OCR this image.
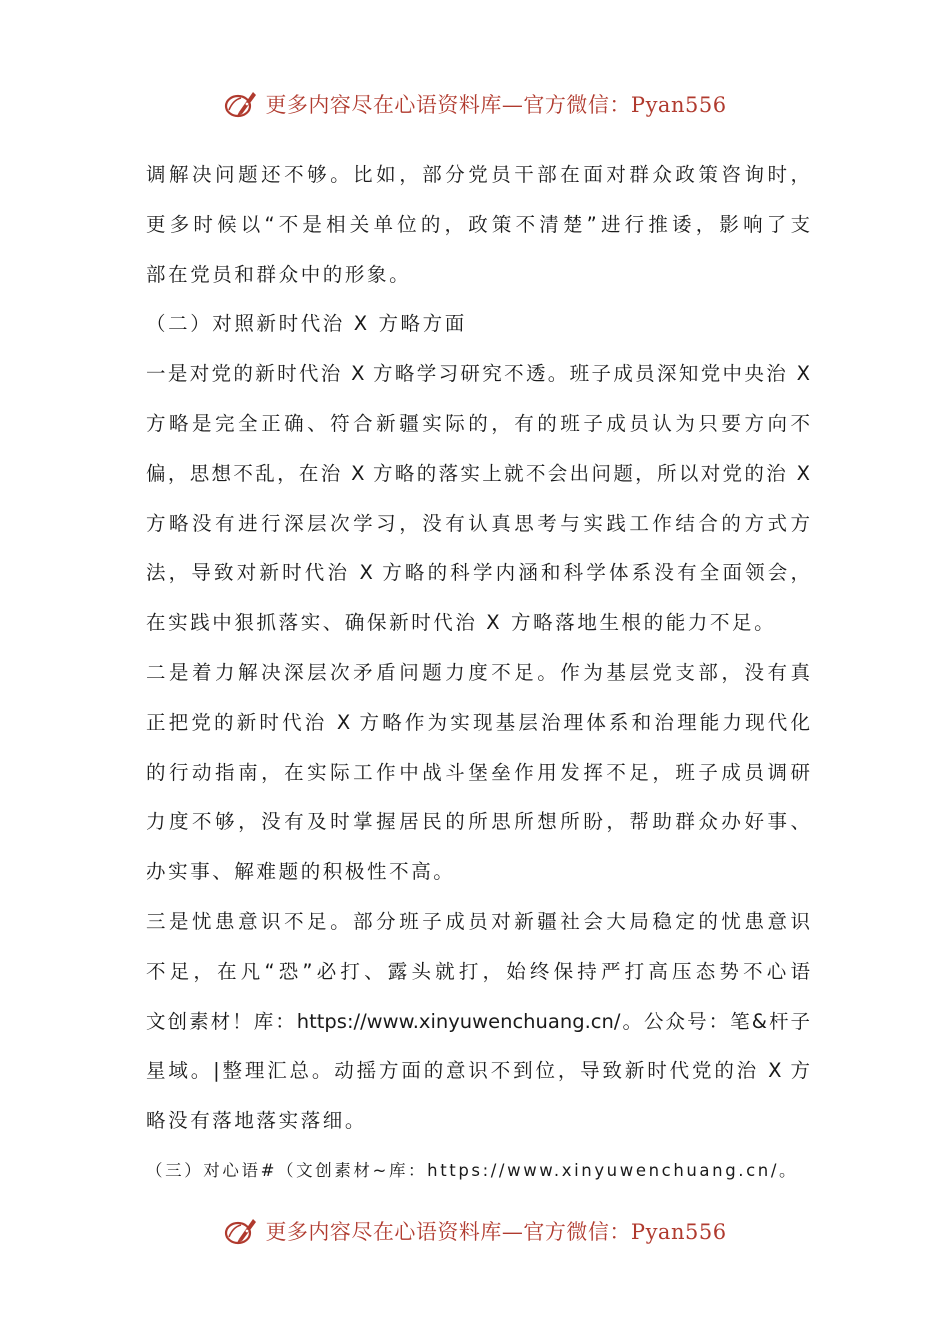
更多内容尽在心语资料库—官方微信：Pyan556
调解决问题还不够。比如，部分党员干部在面对群众政策咨询时，
更多时候以“不是相关单位的，政策不清楚”进行推诿，影响了支
部在党员和群众中的形象。
（二）对照新时代治 X 方略方面
一是对党的新时代治 X 方略学习研究不透。班子成员深知党中央治 X
方略是完全正确、符合新疆实际的，有的班子成员认为只要方向不
偏，思想不乱，在治 X 方略的落实上就不会出问题，所以对党的治 X
方略没有进行深层次学习，没有认真思考与实践工作结合的方式方
法，导致对新时代治 X 方略的科学内涵和科学体系没有全面领会，
在实践中狠抓落实、确保新时代治 X 方略落地生根的能力不足。
二是着力解决深层次矛盾问题力度不足。作为基层党支部，没有真
正把党的新时代治 X 方略作为实现基层治理体系和治理能力现代化
的行动指南，在实际工作中战斗堡垒作用发挥不足，班子成员调研
力度不够，没有及时掌握居民的所思所想所盼，帮助群众办好事、
办实事、解难题的积极性不高。
三是忧患意识不足。部分班子成员对新疆社会大局稳定的忧患意识
不足，在凡“恐”必打、露头就打，始终保持严打高压态势不心语
文创素材！库：https://www.xinyuwenchuang.cn/。公众号：笔&杆子
星域。|整理汇总。动摇方面的意识不到位，导致新时代党的治 X 方
略没有落地落实落细。
（三）对心语#（文创素材~库：https://www.xinyuwenchuang.cn/。
更多内容尽在心语资料库—官方微信：Pyan556
